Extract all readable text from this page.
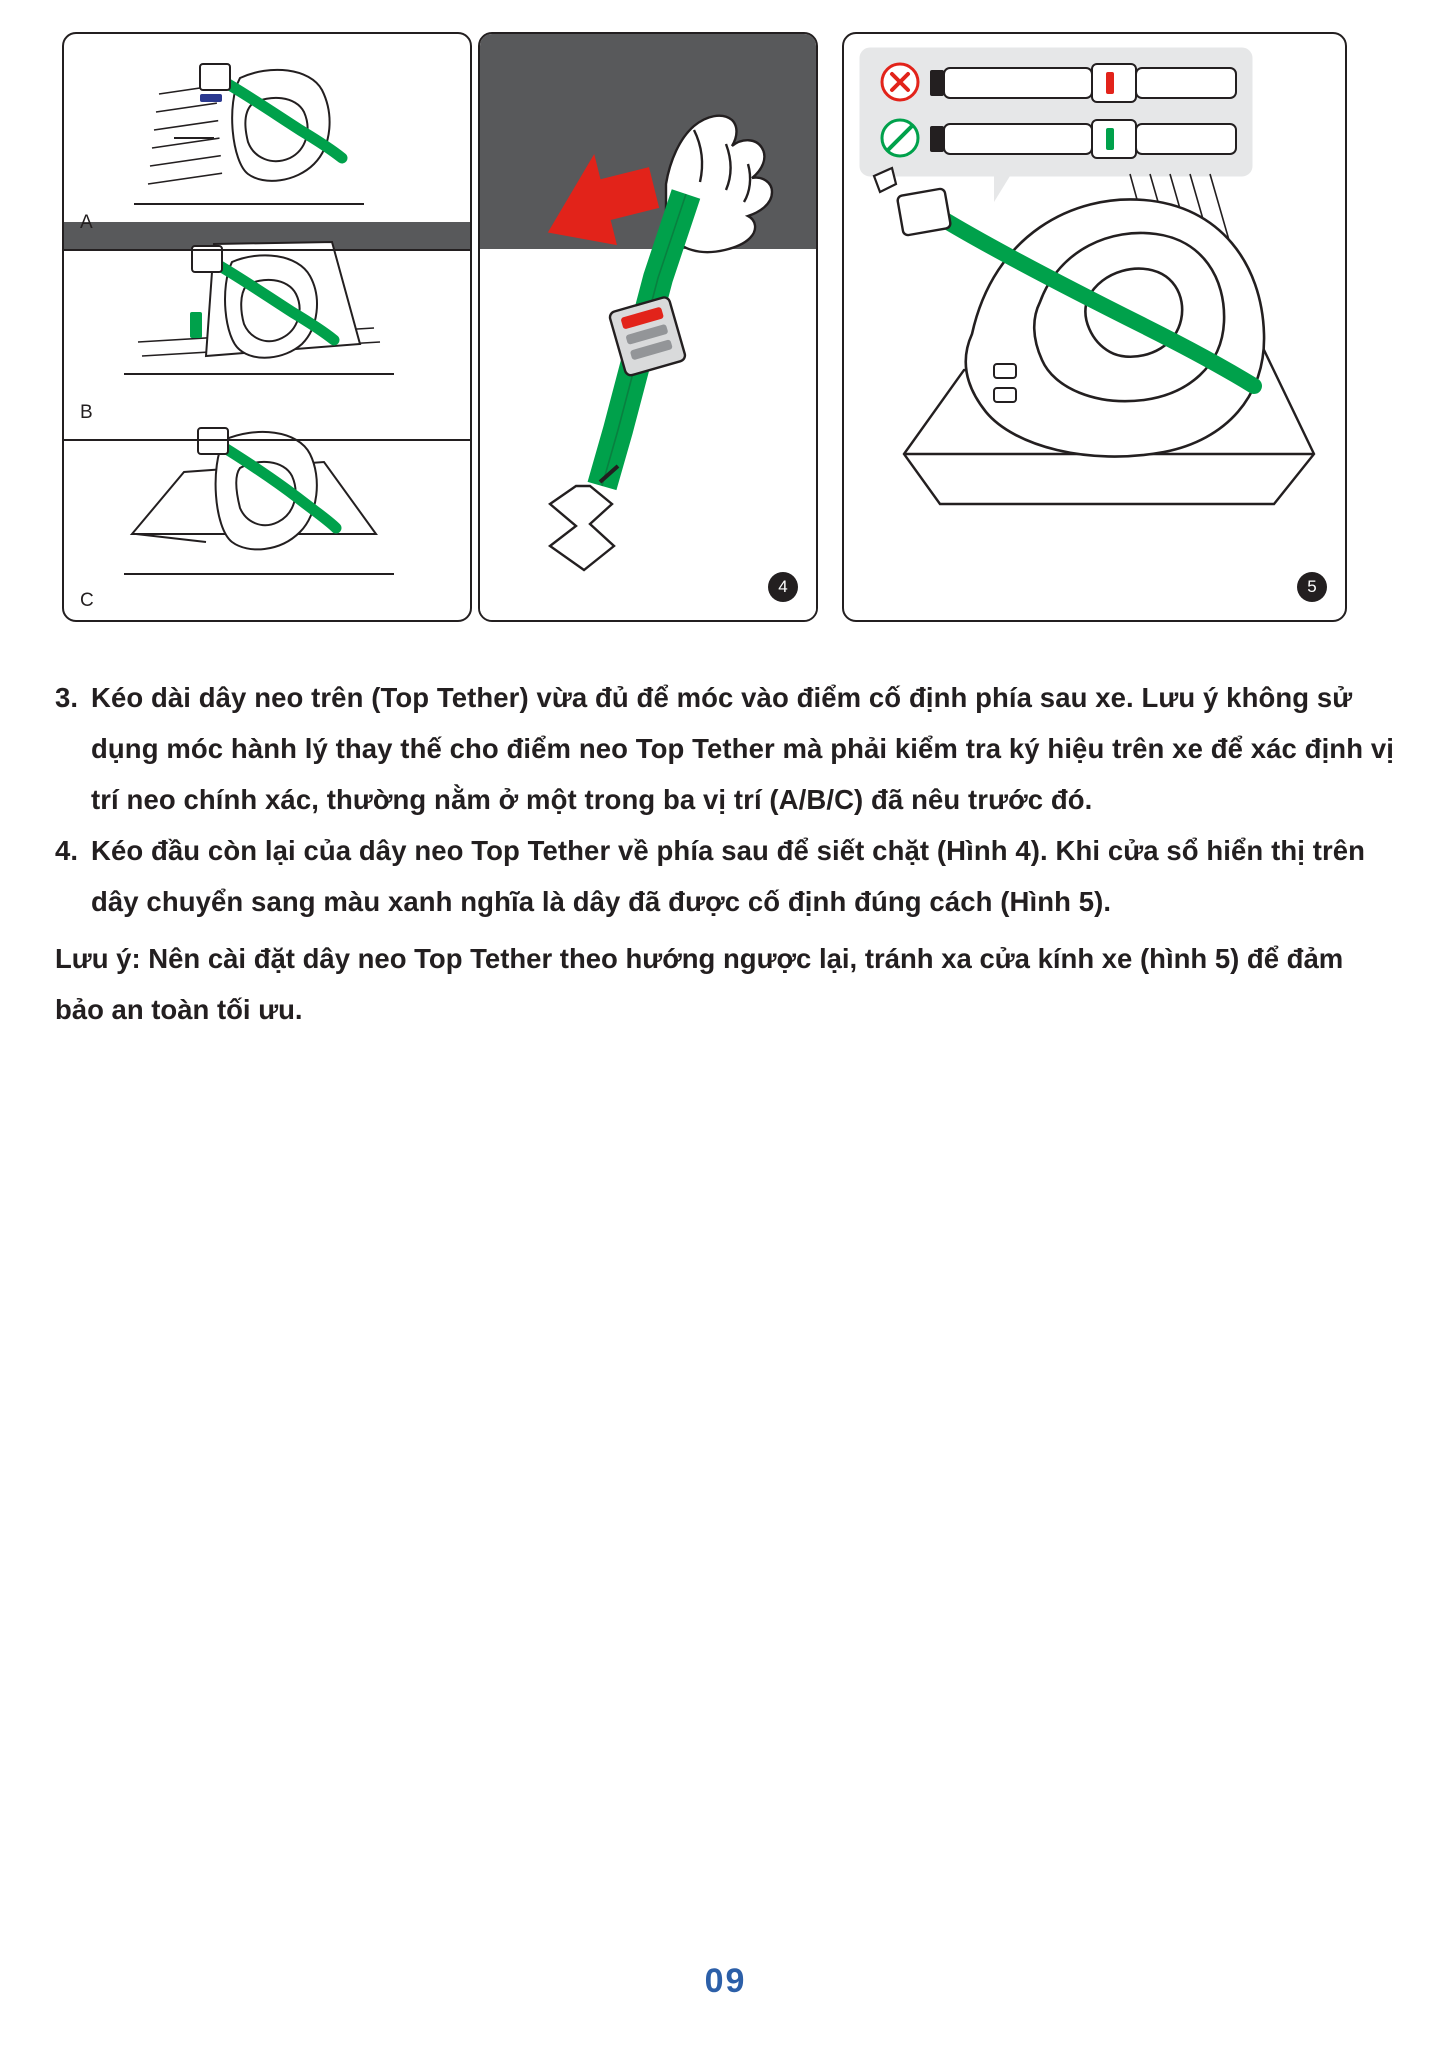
A
B
C
4	5
3. Kéo dài dây neo trên (Top Tether) vừa đủ để móc vào điểm cố định phía sau xe. Lưu ý không sử dụng móc hành lý thay thế cho điểm neo Top Tether mà phải kiểm tra ký hiệu trên xe để xác định vị trí neo chính xác, thường nằm ở một trong ba vị trí (A/B/C) đã nêu trước đó.
4. Kéo đầu còn lại của dây neo Top Tether về phía sau để siết chặt (Hình 4). Khi cửa sổ hiển thị trên dây chuyển sang màu xanh nghĩa là dây đã được cố định đúng cách (Hình 5).
Lưu ý: Nên cài đặt dây neo Top Tether theo hướng ngược lại, tránh xa cửa kính xe (hình 5) để đảm bảo an toàn tối ưu.
09
